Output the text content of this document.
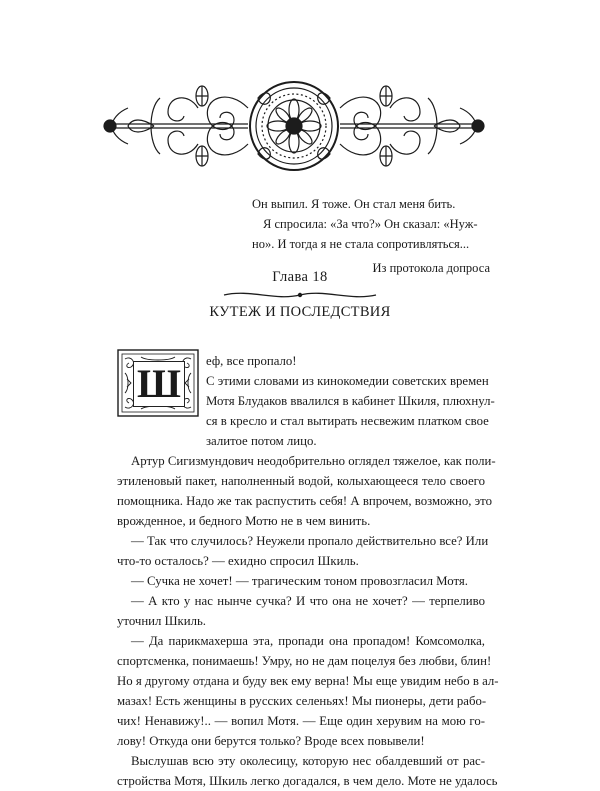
Он выпил. Я тоже. Он стал меня бить.
Я спросила: «За что?» Он сказал: «Нуж-
но». И тогда я не стала сопротивляться...
Из протокола допроса
Глава 18
КУТЕЖ И ПОСЛЕДСТВИЯ
Ш	еф, все пропало!
С этими словами из кинокомедии советских времен
Мотя Блудаков ввалился в кабинет Шкиля, плюхнул-
ся в кресло и стал вытирать несвежим платком свое
залитое потом лицо.
Артур Сигизмундович неодобрительно оглядел тяжелое, как поли-
этиленовый пакет, наполненный водой, колыхающееся тело своего
помощника. Надо же так распустить себя! А впрочем, возможно, это
врожденное, и бедного Мотю не в чем винить.
— Так что случилось? Неужели пропало действительно все? Или
что-то осталось? — ехидно спросил Шкиль.
— Сучка не хочет! — трагическим тоном провозгласил Мотя.
— А кто у нас нынче сучка? И что она не хочет? — терпеливо
уточнил Шкиль.
— Да парикмахерша эта, пропади она пропадом! Комсомолка,
спортсменка, понимаешь! Умру, но не дам поцелуя без любви, блин!
Но я другому отдана и буду век ему верна! Мы еще увидим небо в ал-
мазах! Есть женщины в русских селеньях! Мы пионеры, дети рабо-
чих! Ненавижу!.. — вопил Мотя. — Еще один херувим на мою го-
лову! Откуда они берутся только? Вроде всех повывели!
Выслушав всю эту околесицу, которую нес обалдевший от рас-
стройства Мотя, Шкиль легко догадался, в чем дело. Моте не удалось
